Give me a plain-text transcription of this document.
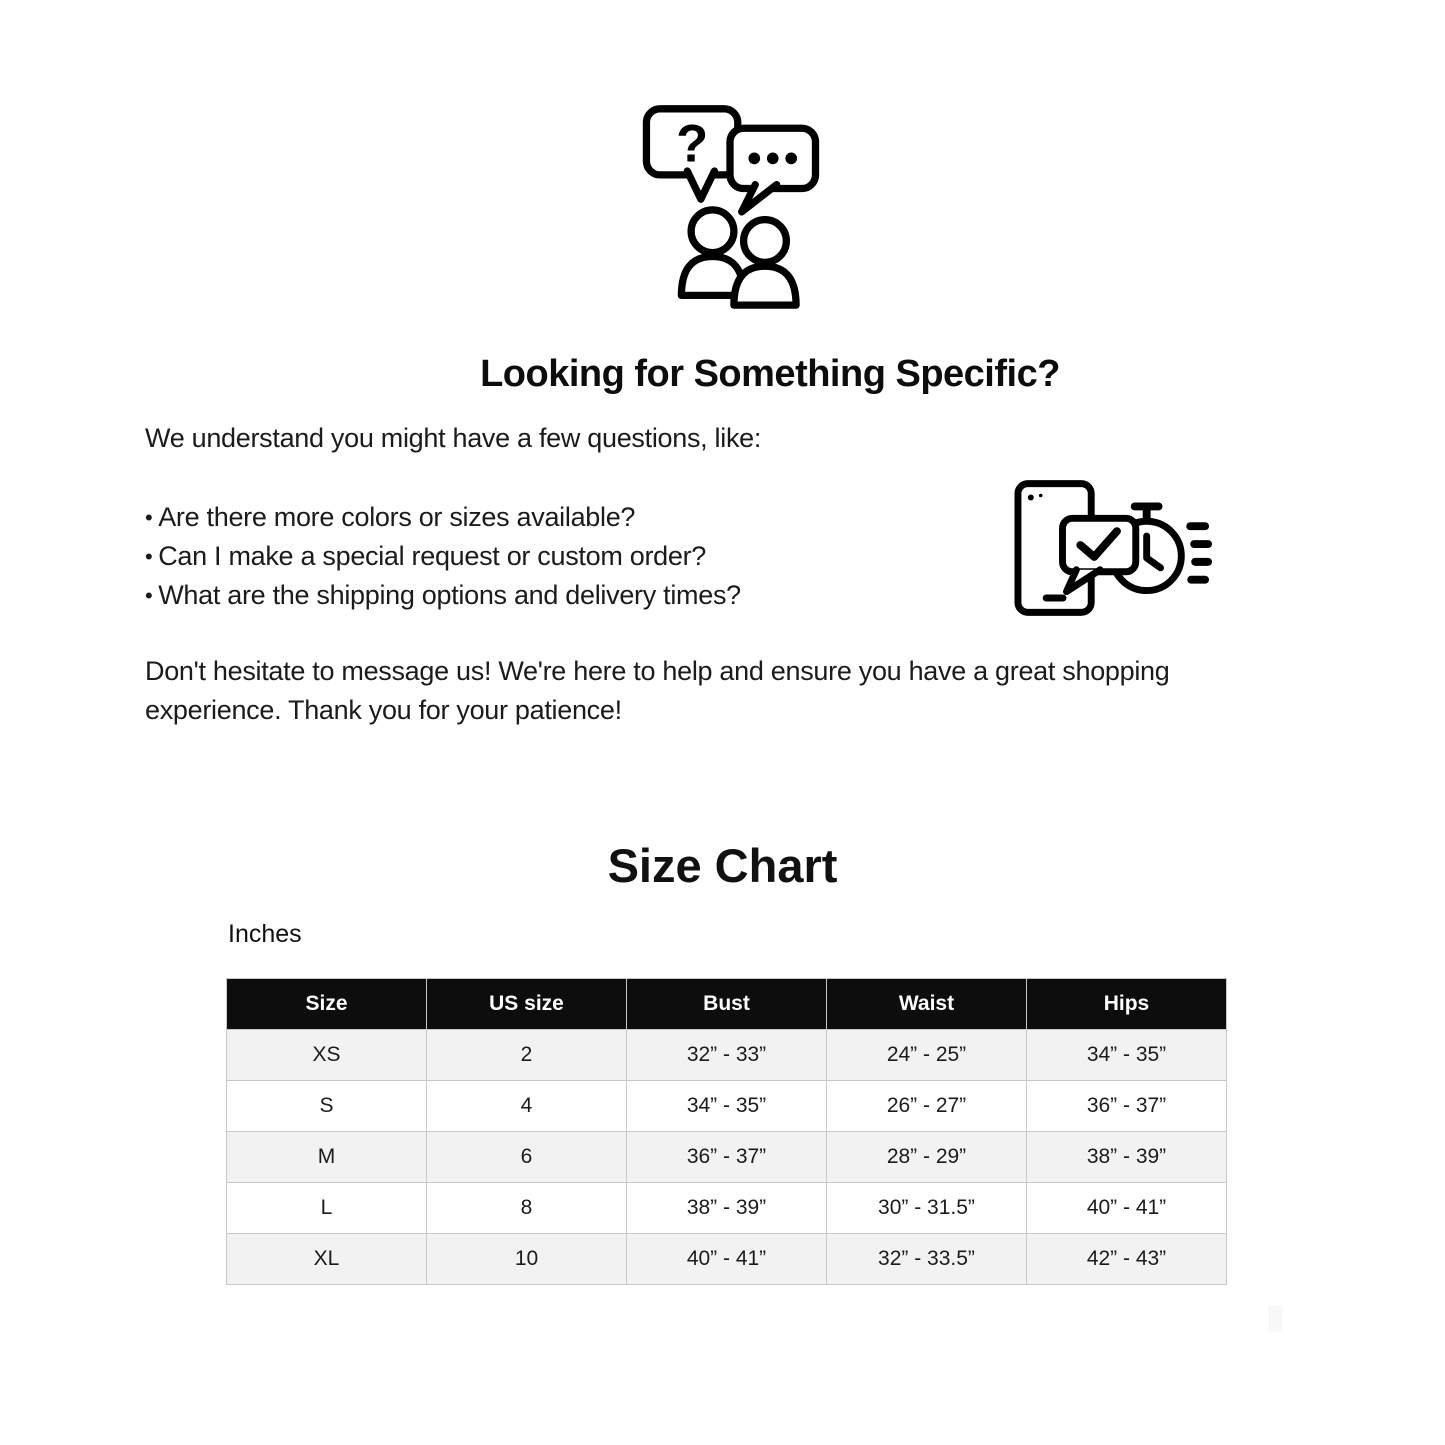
?
Looking for Something Specific?

We understand you might have a few questions, like:

• Are there more colors or sizes available?
• Can I make a special request or custom order?
• What are the shipping options and delivery times?

Don't hesitate to message us! We're here to help and ensure you have a great shopping experience. Thank you for your patience!

Size Chart
Inches
Size	US size	Bust	Waist	Hips
XS	2	32” - 33”	24” - 25”	34” - 35”
S	4	34” - 35”	26” - 27”	36” - 37”
M	6	36” - 37”	28” - 29”	38” - 39”
L	8	38” - 39”	30” - 31.5”	40” - 41”
XL	10	40” - 41”	32” - 33.5”	42” - 43”
